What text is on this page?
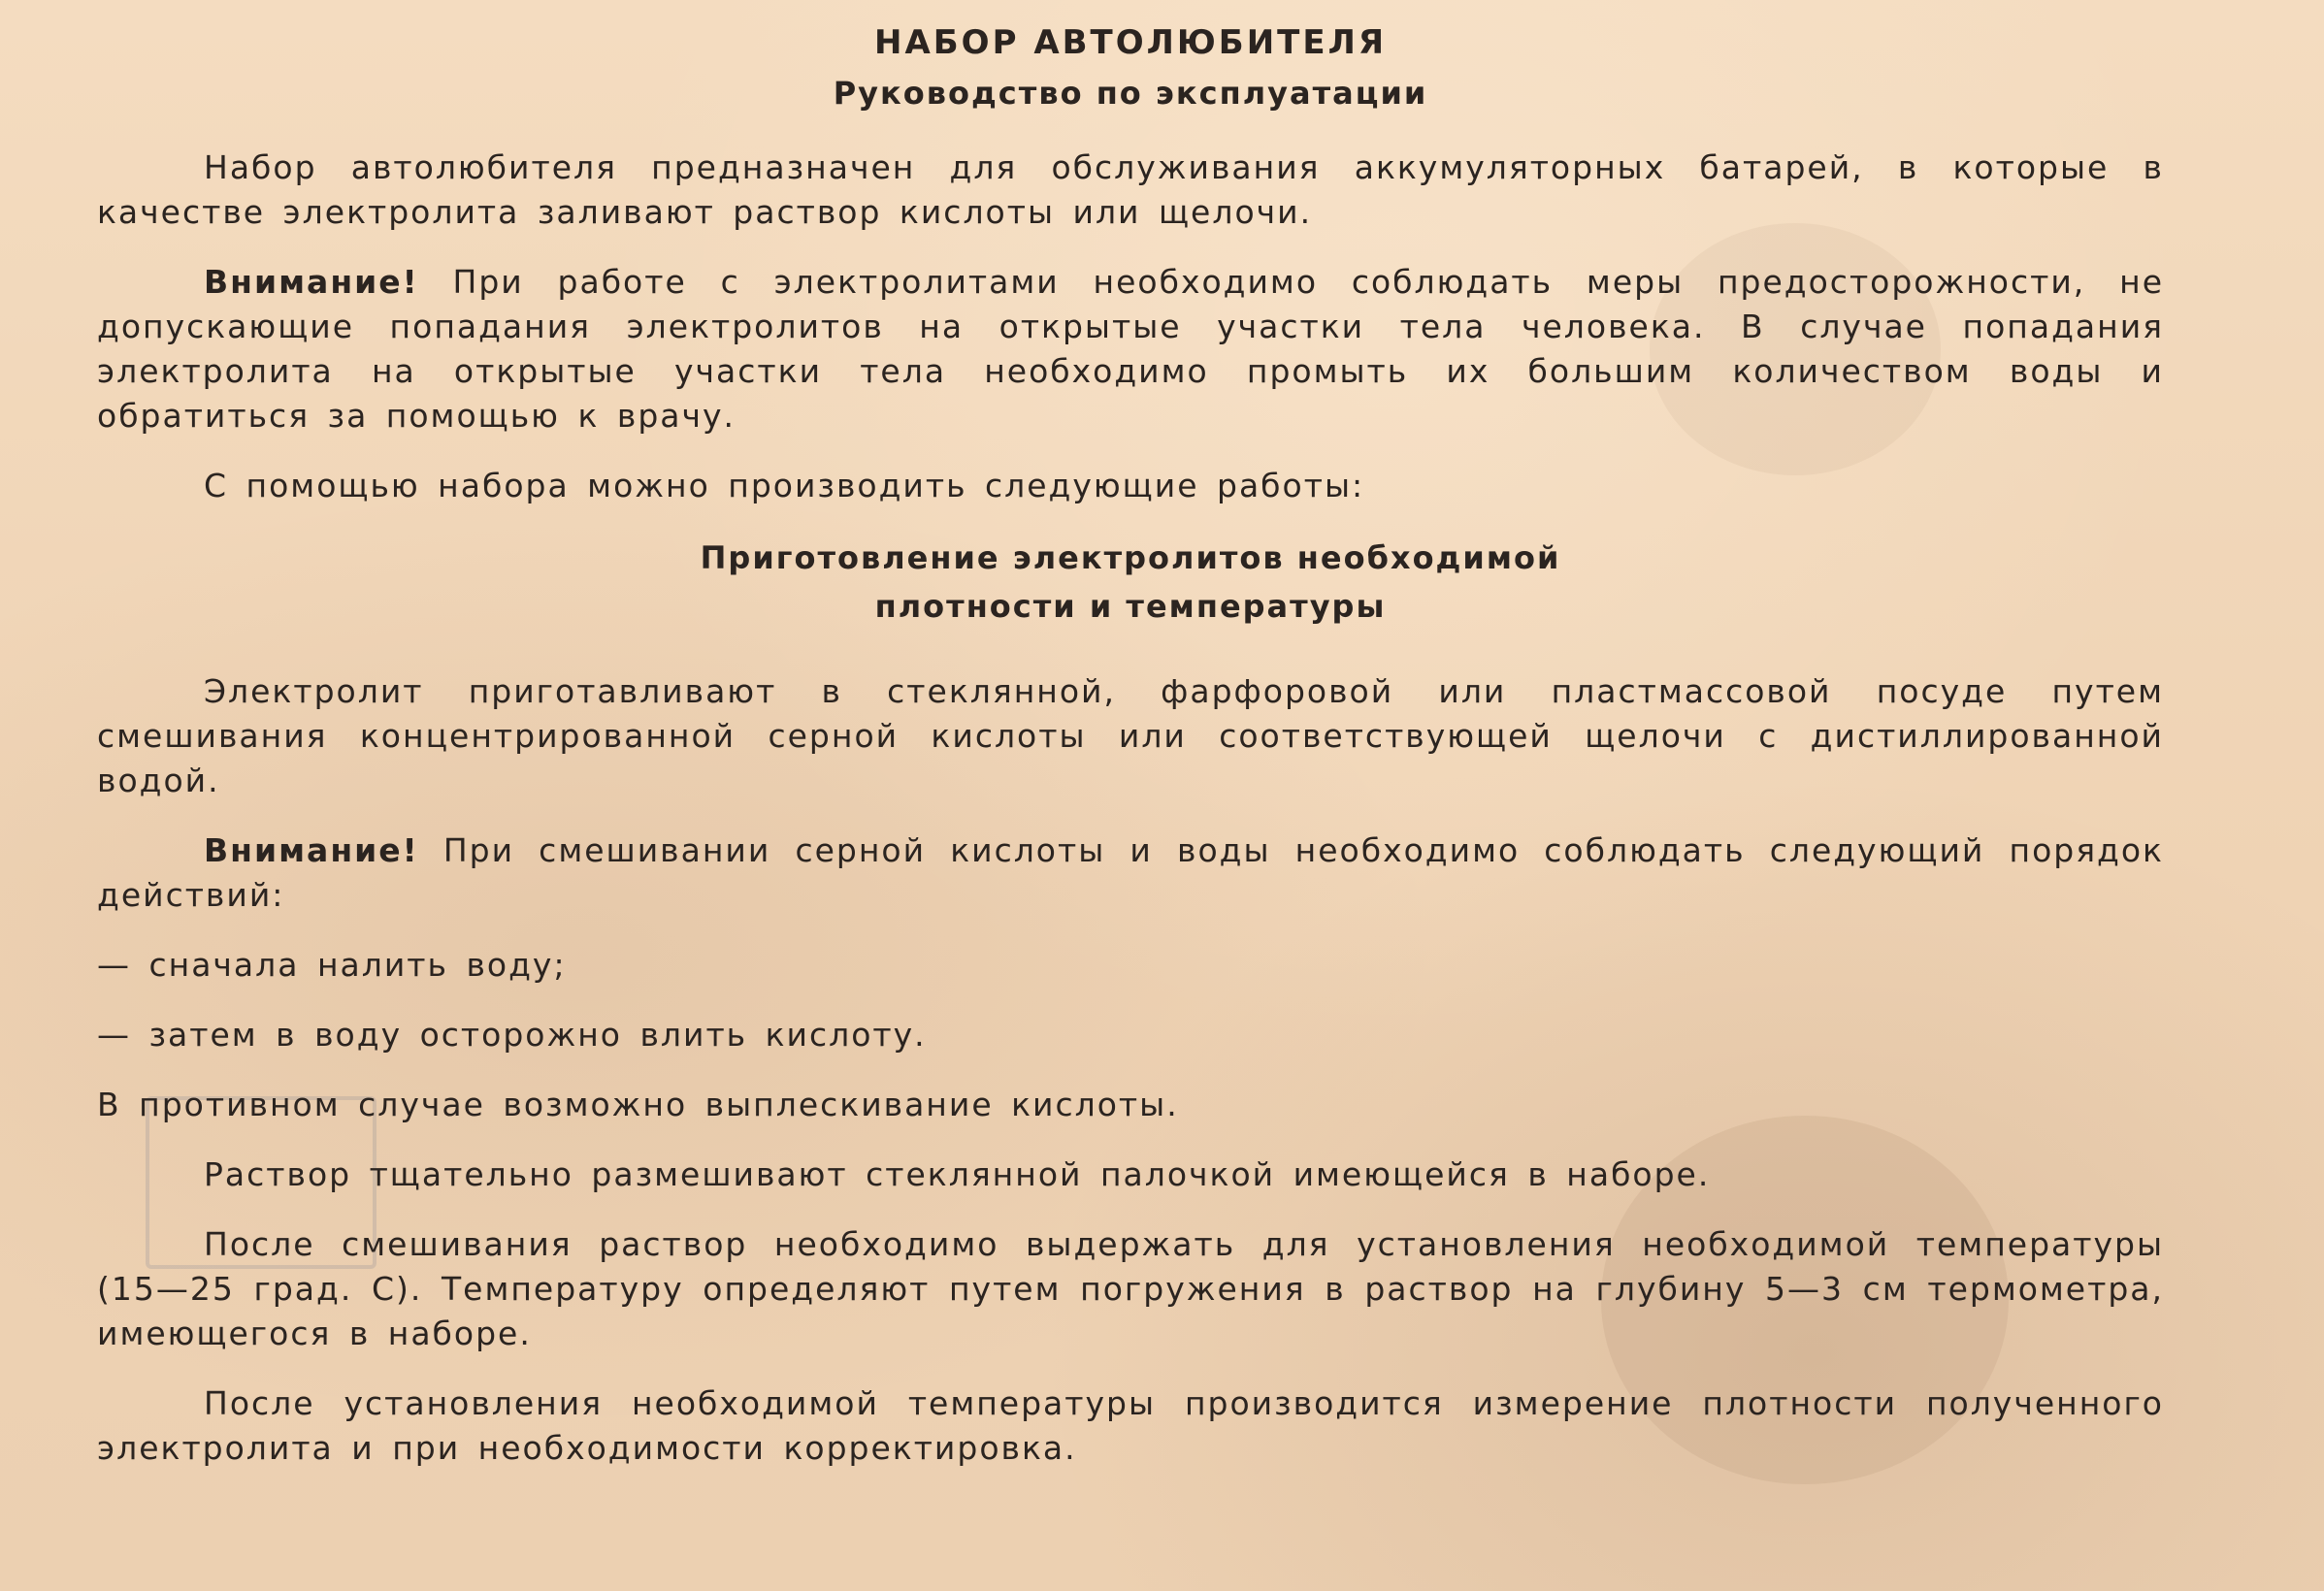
НАБОР АВТОЛЮБИТЕЛЯ
Руководство по эксплуатации

Набор автолюбителя предназначен для обслуживания аккумуляторных батарей, в которые в качестве электролита заливают раствор кислоты или щелочи.

Внимание! При работе с электролитами необходимо соблюдать меры предосторожности, не допускающие попадания электролитов на открытые участки тела человека. В случае попадания электролита на открытые участки тела необходимо промыть их большим количеством воды и обратиться за помощью к врачу.

С помощью набора можно производить следующие работы:

Приготовление электролитов необходимой
плотности и температуры

Электролит приготавливают в стеклянной, фарфоровой или пластмассовой посуде путем смешивания концентрированной серной кислоты или соответствующей щелочи с дистиллированной водой.

Внимание! При смешивании серной кислоты и воды необходимо соблюдать следующий порядок действий:

— сначала налить воду;
— затем в воду осторожно влить кислоту.

В противном случае возможно выплескивание кислоты.

Раствор тщательно размешивают стеклянной палочкой имеющейся в наборе.

После смешивания раствор необходимо выдержать для установления необходимой температуры (15—25 град. С). Температуру определяют путем погружения в раствор на глубину 5—3 см термометра, имеющегося в наборе.

После установления необходимой температуры производится измерение плотности полученного электролита и при необходимости корректировка.
